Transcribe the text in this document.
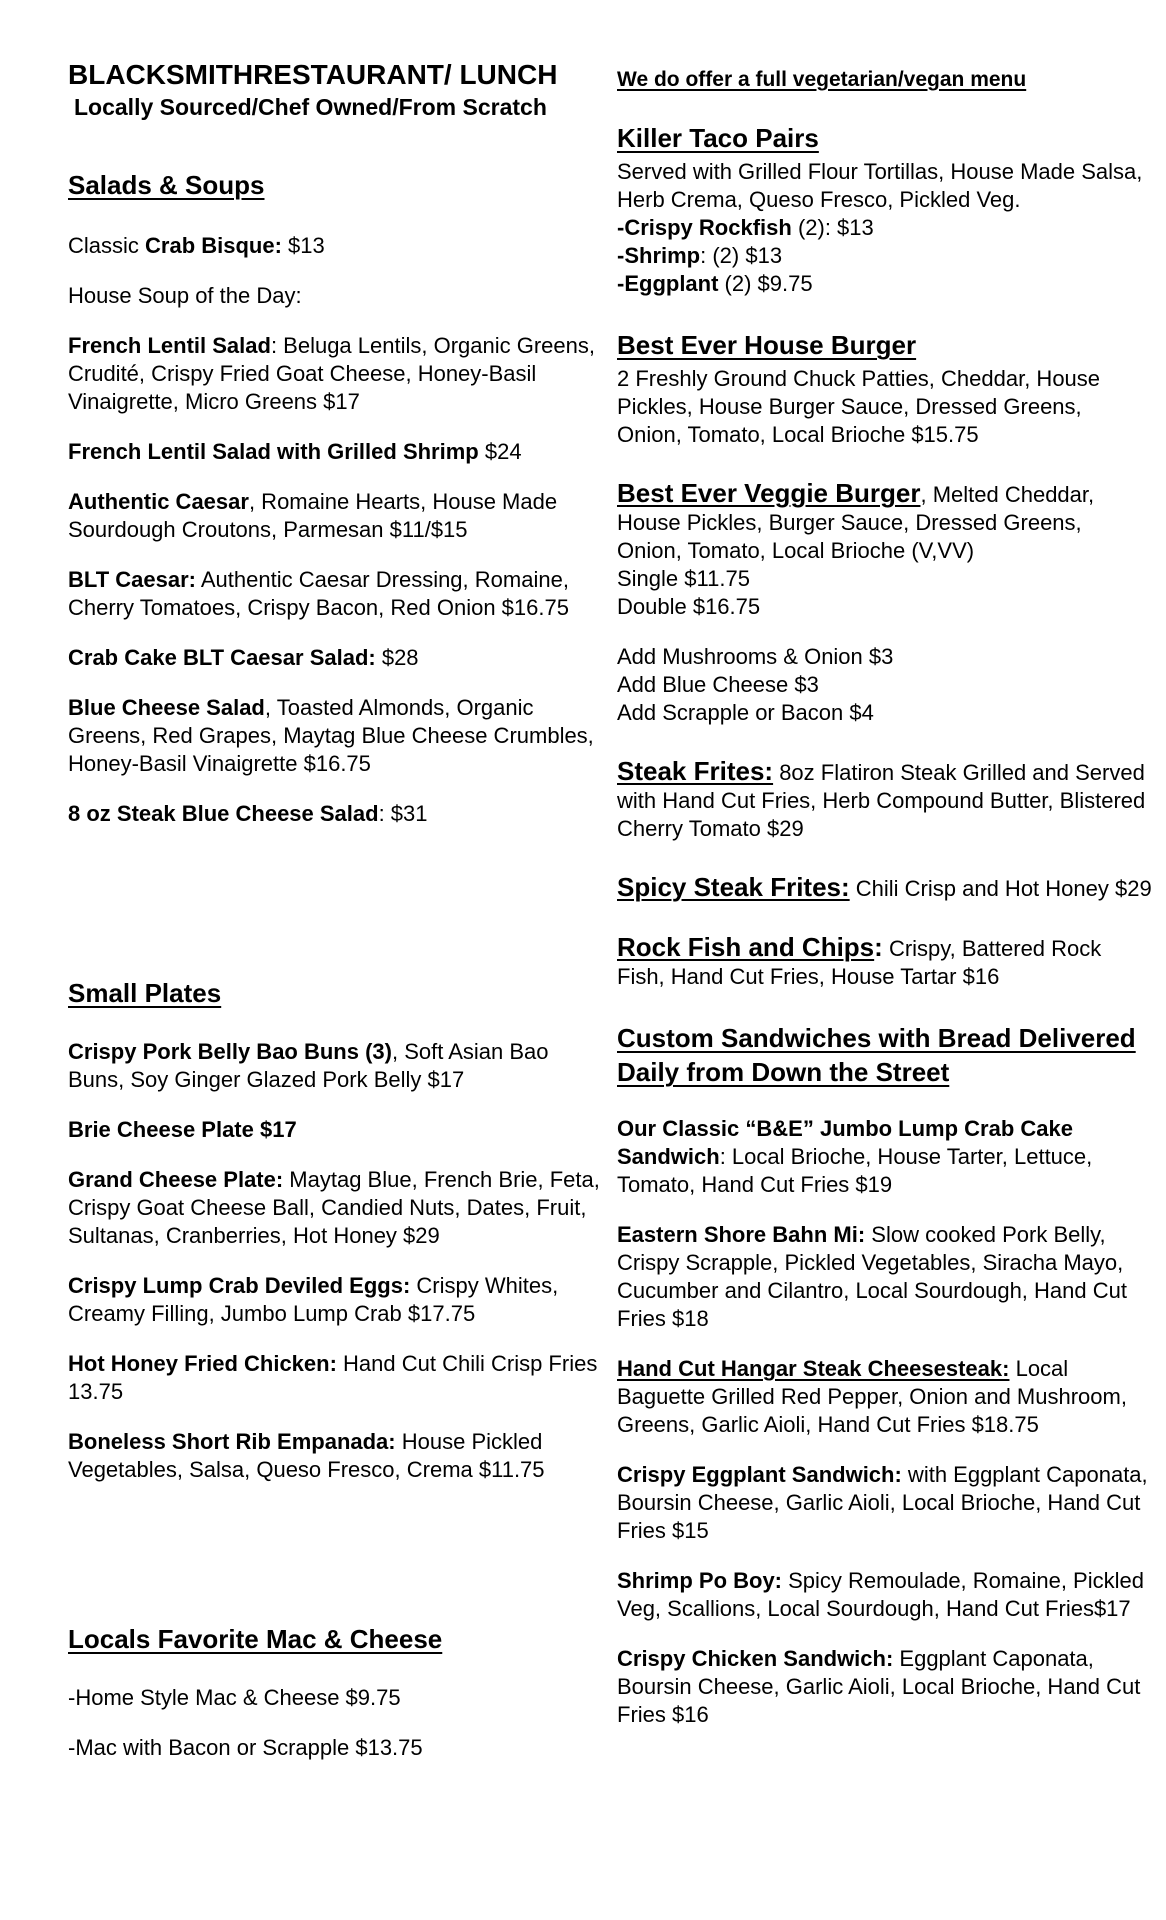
BLACKSMITHRESTAURANT/ LUNCH

Locally Sourced/Chef Owned/From Scratch

Salads & Soups

Classic Crab Bisque: $13

House Soup of the Day:

French Lentil Salad: Beluga Lentils, Organic Greens, Crudité, Crispy Fried Goat Cheese, Honey-Basil Vinaigrette, Micro Greens $17

French Lentil Salad with Grilled Shrimp $24

Authentic Caesar, Romaine Hearts, House Made Sourdough Croutons, Parmesan $11/$15

BLT Caesar: Authentic Caesar Dressing, Romaine, Cherry Tomatoes, Crispy Bacon, Red Onion $16.75

Crab Cake BLT Caesar Salad: $28

Blue Cheese Salad, Toasted Almonds, Organic Greens, Red Grapes, Maytag Blue Cheese Crumbles, Honey-Basil Vinaigrette $16.75

8 oz Steak Blue Cheese Salad: $31

Small Plates

Crispy Pork Belly Bao Buns (3), Soft Asian Bao Buns, Soy Ginger Glazed Pork Belly $17

Brie Cheese Plate $17

Grand Cheese Plate: Maytag Blue, French Brie, Feta, Crispy Goat Cheese Ball, Candied Nuts, Dates, Fruit, Sultanas, Cranberries, Hot Honey $29

Crispy Lump Crab Deviled Eggs: Crispy Whites, Creamy Filling, Jumbo Lump Crab $17.75

Hot Honey Fried Chicken: Hand Cut Chili Crisp Fries 13.75

Boneless Short Rib Empanada: House Pickled Vegetables, Salsa, Queso Fresco, Crema $11.75

Locals Favorite Mac & Cheese

-Home Style Mac & Cheese $9.75

-Mac with Bacon or Scrapple $13.75

We do offer a full vegetarian/vegan menu

Killer Taco Pairs

Served with Grilled Flour Tortillas, House Made Salsa, Herb Crema, Queso Fresco, Pickled Veg.

-Crispy Rockfish (2): $13

-Shrimp: (2) $13

-Eggplant (2) $9.75

Best Ever House Burger

2 Freshly Ground Chuck Patties, Cheddar, House Pickles, House Burger Sauce, Dressed Greens, Onion, Tomato, Local Brioche $15.75

Best Ever Veggie Burger, Melted Cheddar, House Pickles, Burger Sauce, Dressed Greens, Onion, Tomato, Local Brioche (V,VV)

Single $11.75

Double $16.75

Add Mushrooms & Onion $3

Add Blue Cheese $3

Add Scrapple or Bacon $4

Steak Frites: 8oz Flatiron Steak Grilled and Served with Hand Cut Fries, Herb Compound Butter, Blistered Cherry Tomato $29

Spicy Steak Frites: Chili Crisp and Hot Honey $29

Rock Fish and Chips: Crispy, Battered Rock Fish, Hand Cut Fries, House Tartar $16

Custom Sandwiches with Bread Delivered Daily from Down the Street

Our Classic “B&E” Jumbo Lump Crab Cake Sandwich: Local Brioche, House Tarter, Lettuce, Tomato, Hand Cut Fries $19

Eastern Shore Bahn Mi: Slow cooked Pork Belly, Crispy Scrapple, Pickled Vegetables, Siracha Mayo, Cucumber and Cilantro, Local Sourdough, Hand Cut Fries $18

Hand Cut Hangar Steak Cheesesteak: Local Baguette Grilled Red Pepper, Onion and Mushroom, Greens, Garlic Aioli, Hand Cut Fries $18.75

Crispy Eggplant Sandwich: with Eggplant Caponata, Boursin Cheese, Garlic Aioli, Local Brioche, Hand Cut Fries $15

Shrimp Po Boy: Spicy Remoulade, Romaine, Pickled Veg, Scallions, Local Sourdough, Hand Cut Fries$17

Crispy Chicken Sandwich: Eggplant Caponata, Boursin Cheese, Garlic Aioli, Local Brioche, Hand Cut Fries $16
